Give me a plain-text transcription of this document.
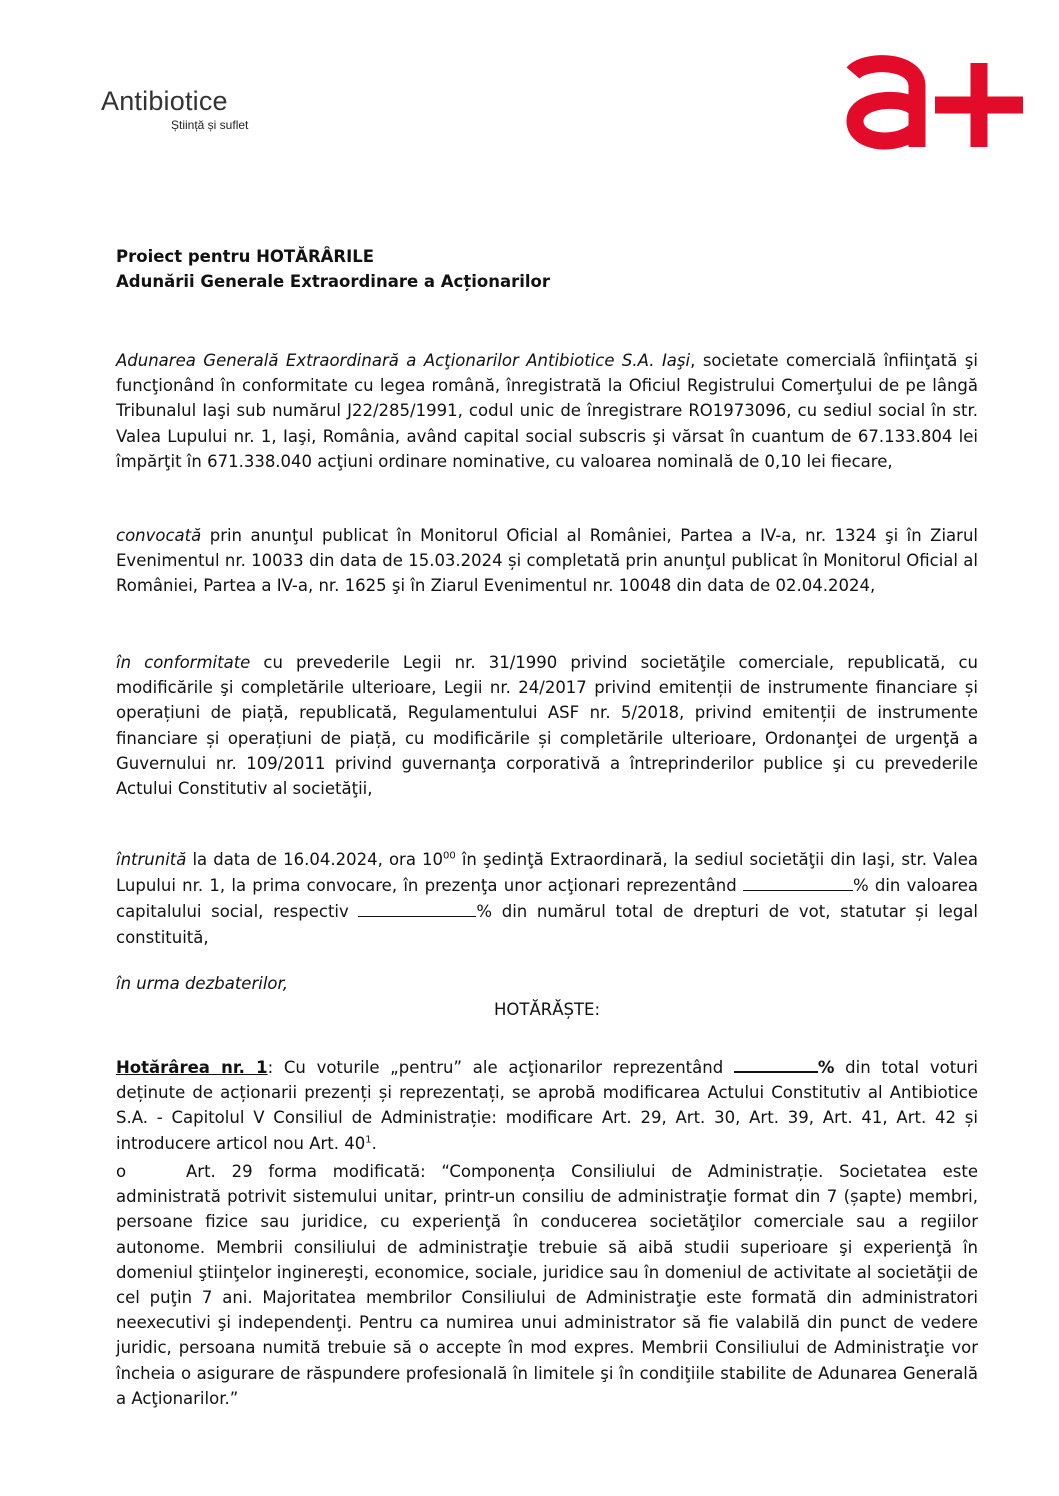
Antibiotice
Știință și suflet
Proiect pentru HOTĂRÂRILE
Adunării Generale Extraordinare a Acționarilor
Adunarea Generală Extraordinară a Acţionarilor Antibiotice S.A. Iaşi, societate comercială înfiinţată şi funcţionând în conformitate cu legea română, înregistrată la Oficiul Registrului Comerţului de pe lângă Tribunalul Iaşi sub numărul J22/285/1991, codul unic de înregistrare RO1973096, cu sediul social în str. Valea Lupului nr. 1, Iaşi, România, având capital social subscris şi vărsat în cuantum de 67.133.804 lei împărţit în 671.338.040 acţiuni ordinare nominative, cu valoarea nominală de 0,10 lei fiecare,
convocată prin anunţul publicat în Monitorul Oficial al României, Partea a IV-a, nr. 1324 şi în Ziarul Evenimentul nr. 10033 din data de 15.03.2024 și completată prin anunţul publicat în Monitorul Oficial al României, Partea a IV-a, nr. 1625 şi în Ziarul Evenimentul nr. 10048 din data de 02.04.2024,
în conformitate cu prevederile Legii nr. 31/1990 privind societăţile comerciale, republicată, cu modificările şi completările ulterioare, Legii nr. 24/2017 privind emitenții de instrumente financiare și operațiuni de piață, republicată, Regulamentului ASF nr. 5/2018, privind emitenții de instrumente financiare și operațiuni de piață, cu modificările și completările ulterioare, Ordonanţei de urgenţă a Guvernului nr. 109/2011 privind guvernanţa corporativă a întreprinderilor publice şi cu prevederile Actului Constitutiv al societăţii,
întrunită la data de 16.04.2024, ora $10^{00}$ în şedinţă Extraordinară, la sediul societăţii din Iaşi, str. Valea Lupului nr. 1, la prima convocare, în prezenţa unor acţionari reprezentând	% din valoarea capitalului social, respectiv	% din numărul total de drepturi de vot, statutar și legal constituită,
în urma dezbaterilor,
HOTĂRĂȘTE:
Hotărârea nr. 1: Cu voturile „pentru” ale acţionarilor reprezentând	% din total voturi deținute de acționarii prezenți și reprezentați, se aprobă modificarea Actului Constitutiv al Antibiotice S.A. - Capitolul V Consiliul de Administrație: modificare Art. 29, Art. 30, Art. 39, Art. 41, Art. 42 și introducere articol nou Art. $40^1$.
o	Art. 29 forma modificată: “Componența Consiliului de Administrație. Societatea este administrată potrivit sistemului unitar, printr-un consiliu de administraţie format din 7 (șapte) membri, persoane fizice sau juridice, cu experienţă în conducerea societăţilor comerciale sau a regiilor autonome. Membrii consiliului de administraţie trebuie să aibă studii superioare şi experienţă în domeniul ştiinţelor inginereşti, economice, sociale, juridice sau în domeniul de activitate al societăţii de cel puţin 7 ani. Majoritatea membrilor Consiliului de Administraţie este formată din administratori neexecutivi şi independenţi. Pentru ca numirea unui administrator să fie valabilă din punct de vedere juridic, persoana numită trebuie să o accepte în mod expres. Membrii Consiliului de Administraţie vor încheia o asigurare de răspundere profesională în limitele şi în condiţiile stabilite de Adunarea Generală a Acţionarilor.”
